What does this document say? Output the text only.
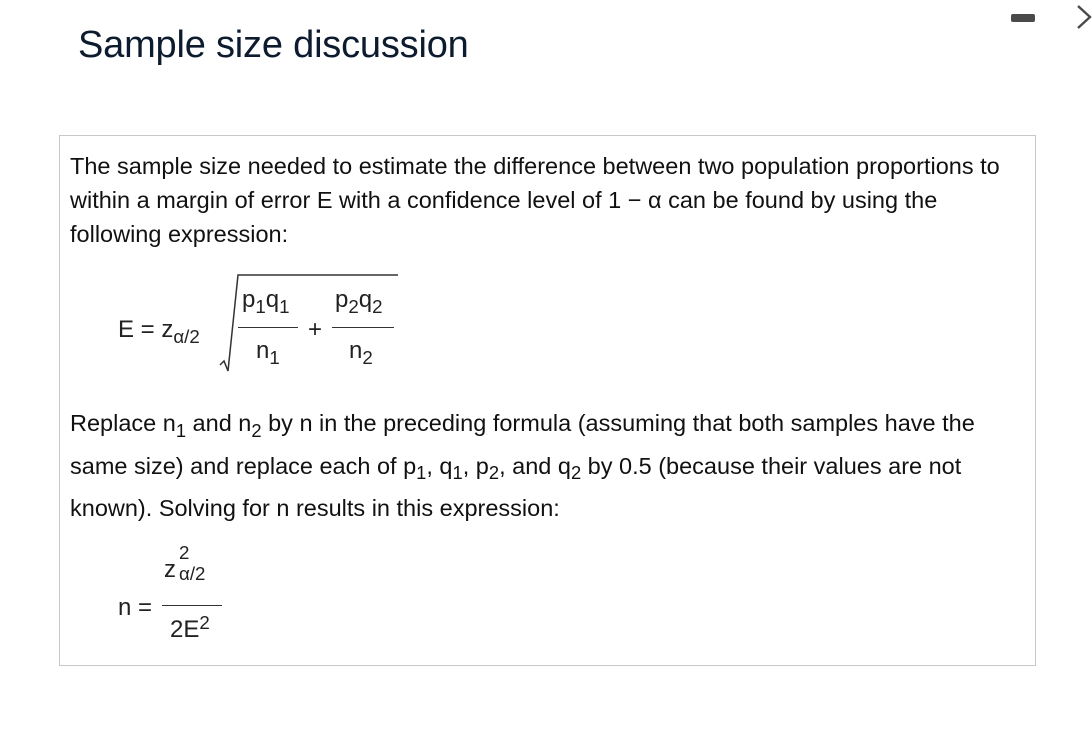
Sample size discussion

The sample size needed to estimate the difference between two population proportions to within a margin of error E with a confidence level of 1 − α can be found by using the following expression:

$E = z_{\alpha/2}$
$p_1q_1$
$n_1$
+
$p_2q_2$
$n_2$

Replace $n_1$ and $n_2$ by n in the preceding formula (assuming that both samples have the same size) and replace each of $p_1$, $q_1$, $p_2$, and $q_2$ by 0.5 (because their values are not known). Solving for n results in this expression:

n =
z
2
α/2
$2E^2$
